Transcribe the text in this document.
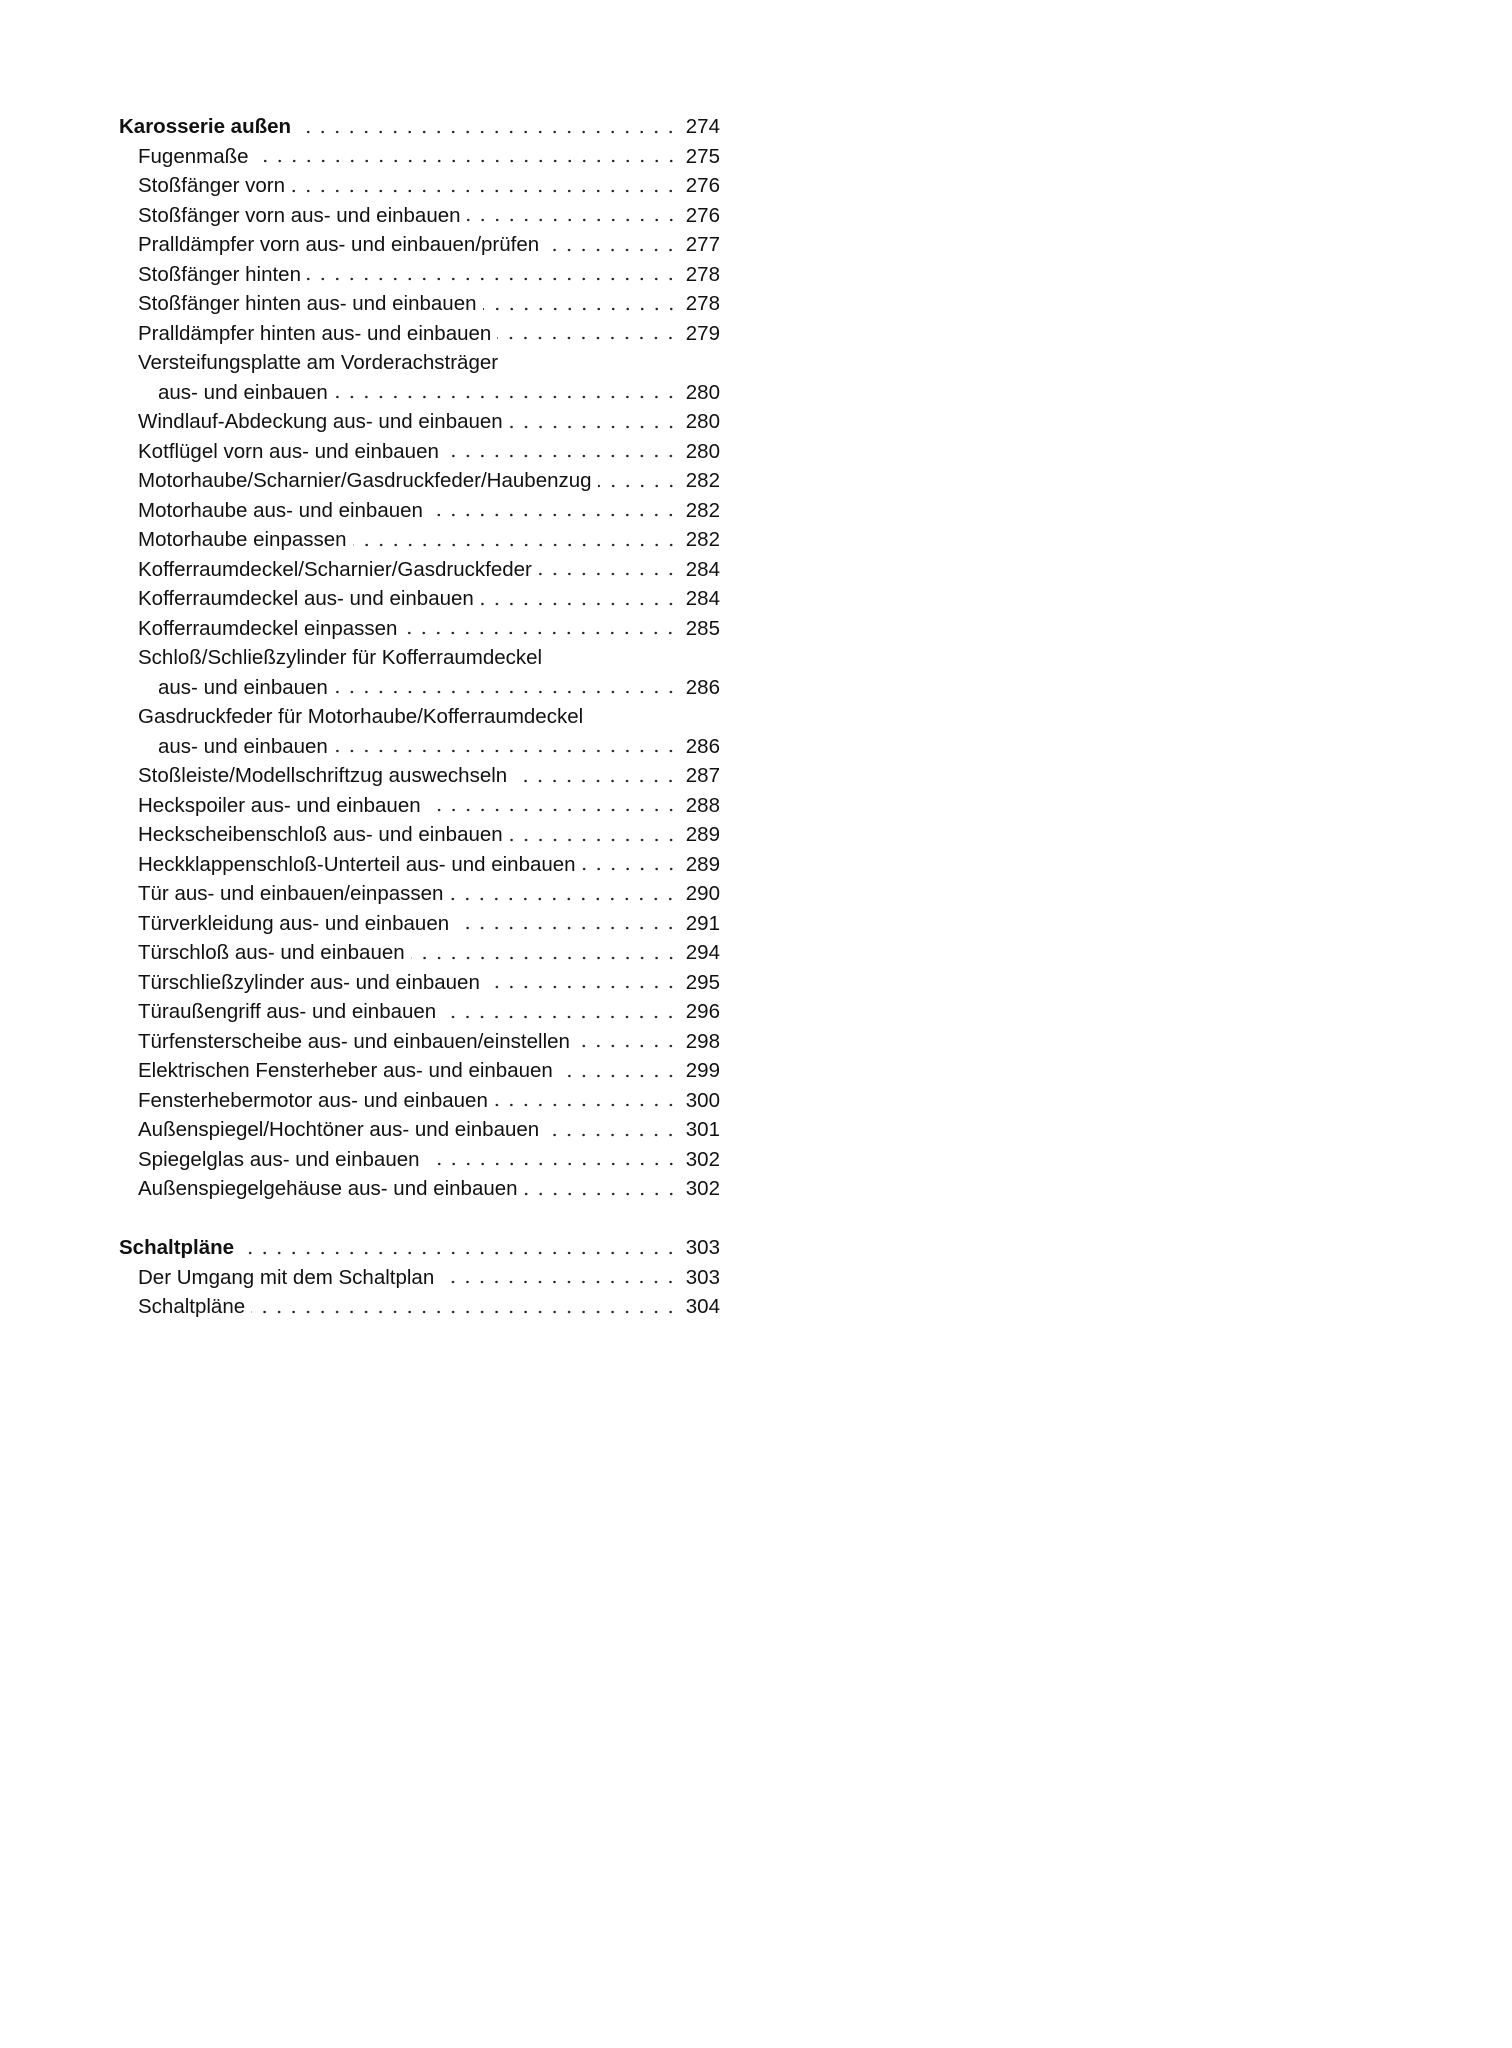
Karosserie außen	274
Fugenmaße	275
Stoßfänger vorn	276
Stoßfänger vorn aus- und einbauen	276
Pralldämpfer vorn aus- und einbauen/prüfen	277
Stoßfänger hinten	278
Stoßfänger hinten aus- und einbauen	278
Pralldämpfer hinten aus- und einbauen	279
Versteifungsplatte am Vorderachsträger
aus- und einbauen	280
Windlauf-Abdeckung aus- und einbauen	280
Kotflügel vorn aus- und einbauen	280
Motorhaube/Scharnier/Gasdruckfeder/Haubenzug	282
Motorhaube aus- und einbauen	282
Motorhaube einpassen	282
Kofferraumdeckel/Scharnier/Gasdruckfeder	284
Kofferraumdeckel aus- und einbauen	284
Kofferraumdeckel einpassen	285
Schloß/Schließzylinder für Kofferraumdeckel
aus- und einbauen	286
Gasdruckfeder für Motorhaube/Kofferraumdeckel
aus- und einbauen	286
Stoßleiste/Modellschriftzug auswechseln	287
Heckspoiler aus- und einbauen	288
Heckscheibenschloß aus- und einbauen	289
Heckklappenschloß-Unterteil aus- und einbauen	289
Tür aus- und einbauen/einpassen	290
Türverkleidung aus- und einbauen	291
Türschloß aus- und einbauen	294
Türschließzylinder aus- und einbauen	295
Türaußengriff aus- und einbauen	296
Türfensterscheibe aus- und einbauen/einstellen	298
Elektrischen Fensterheber aus- und einbauen	299
Fensterhebermotor aus- und einbauen	300
Außenspiegel/Hochtöner aus- und einbauen	301
Spiegelglas aus- und einbauen	302
Außenspiegelgehäuse aus- und einbauen	302
Schaltpläne	303
Der Umgang mit dem Schaltplan	303
Schaltpläne	304
